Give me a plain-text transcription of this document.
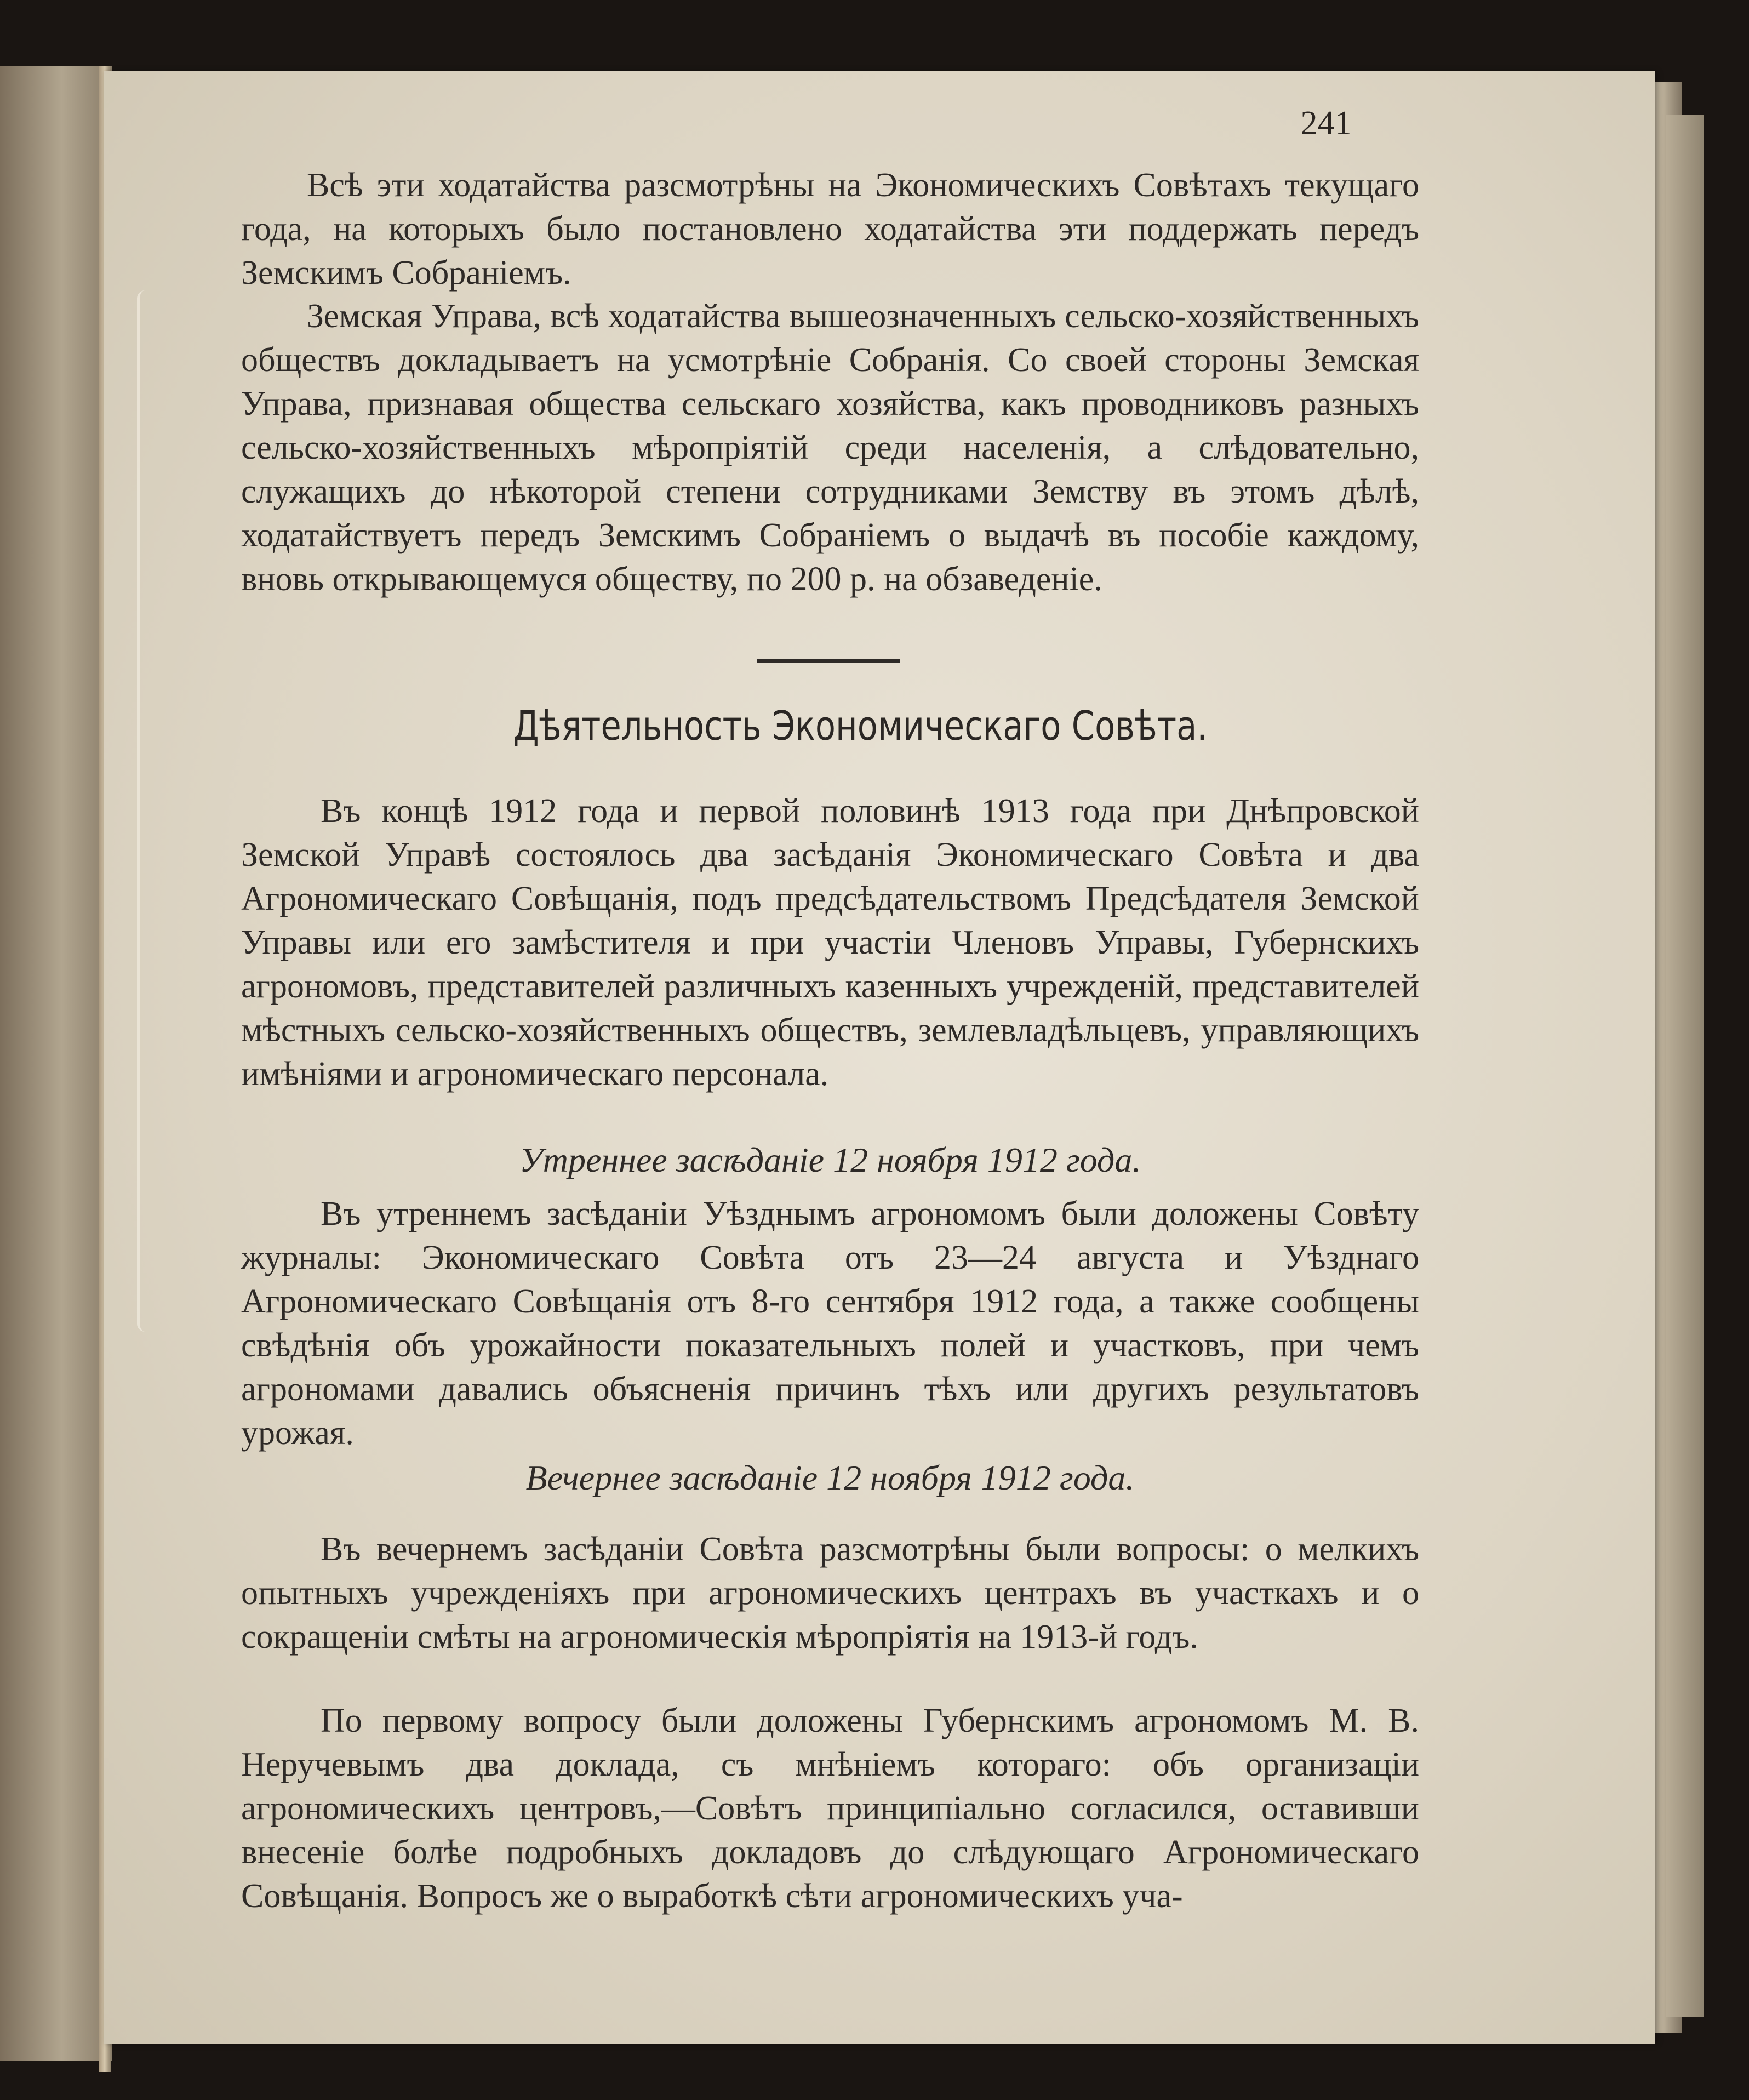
241

Всѣ эти ходатайства разсмотрѣны на Экономическихъ Совѣтахъ текущаго года, на которыхъ было постановлено ходатайства эти поддержать передъ Земскимъ Собраніемъ.

Земская Управа, всѣ ходатайства вышеозначенныхъ сельско-хозяйственныхъ обществъ докладываетъ на усмотрѣніе Собранія. Со своей стороны Земская Управа, признавая общества сельскаго хозяйства, какъ проводниковъ разныхъ сельско-хозяйственныхъ мѣропріятій среди населенія, а слѣдовательно, служащихъ до нѣкоторой степени сотрудниками Земству въ этомъ дѣлѣ, ходатайствуетъ передъ Земскимъ Собраніемъ о выдачѣ въ пособіе каждому, вновь открывающемуся обществу, по 200 р. на обзаведеніе.

Дѣятельность Экономическаго Совѣта.

Въ концѣ 1912 года и первой половинѣ 1913 года при Днѣпровской Земской Управѣ состоялось два засѣданія Экономическаго Совѣта и два Агрономическаго Совѣщанія, подъ предсѣдательствомъ Предсѣдателя Земской Управы или его замѣстителя и при участіи Членовъ Управы, Губернскихъ агрономовъ, представителей различныхъ казенныхъ учрежденій, представителей мѣстныхъ сельско-хозяйственныхъ обществъ, землевладѣльцевъ, управляющихъ имѣніями и агрономическаго персонала.

Утреннее засѣданіе 12 ноября 1912 года.

Въ утреннемъ засѣданіи Уѣзднымъ агрономомъ были доложены Совѣту журналы: Экономическаго Совѣта отъ 23—24 августа и Уѣзднаго Агрономическаго Совѣщанія отъ 8-го сентября 1912 года, а также сообщены свѣдѣнія объ урожайности показательныхъ полей и участковъ, при чемъ агрономами давались объясненія причинъ тѣхъ или другихъ результатовъ урожая.

Вечернее засѣданіе 12 ноября 1912 года.

Въ вечернемъ засѣданіи Совѣта разсмотрѣны были вопросы: о мелкихъ опытныхъ учрежденіяхъ при агрономическихъ центрахъ въ участкахъ и о сокращеніи смѣты на агрономическія мѣропріятія на 1913-й годъ.

По первому вопросу были доложены Губернскимъ агрономомъ М. В. Неручевымъ два доклада, съ мнѣніемъ котораго: объ организаціи агрономическихъ центровъ,—Совѣтъ принципіально согласился, оставивши внесеніе болѣе подробныхъ докладовъ до слѣдующаго Агрономическаго Совѣщанія. Вопросъ же о выработкѣ сѣти агрономическихъ уча-
